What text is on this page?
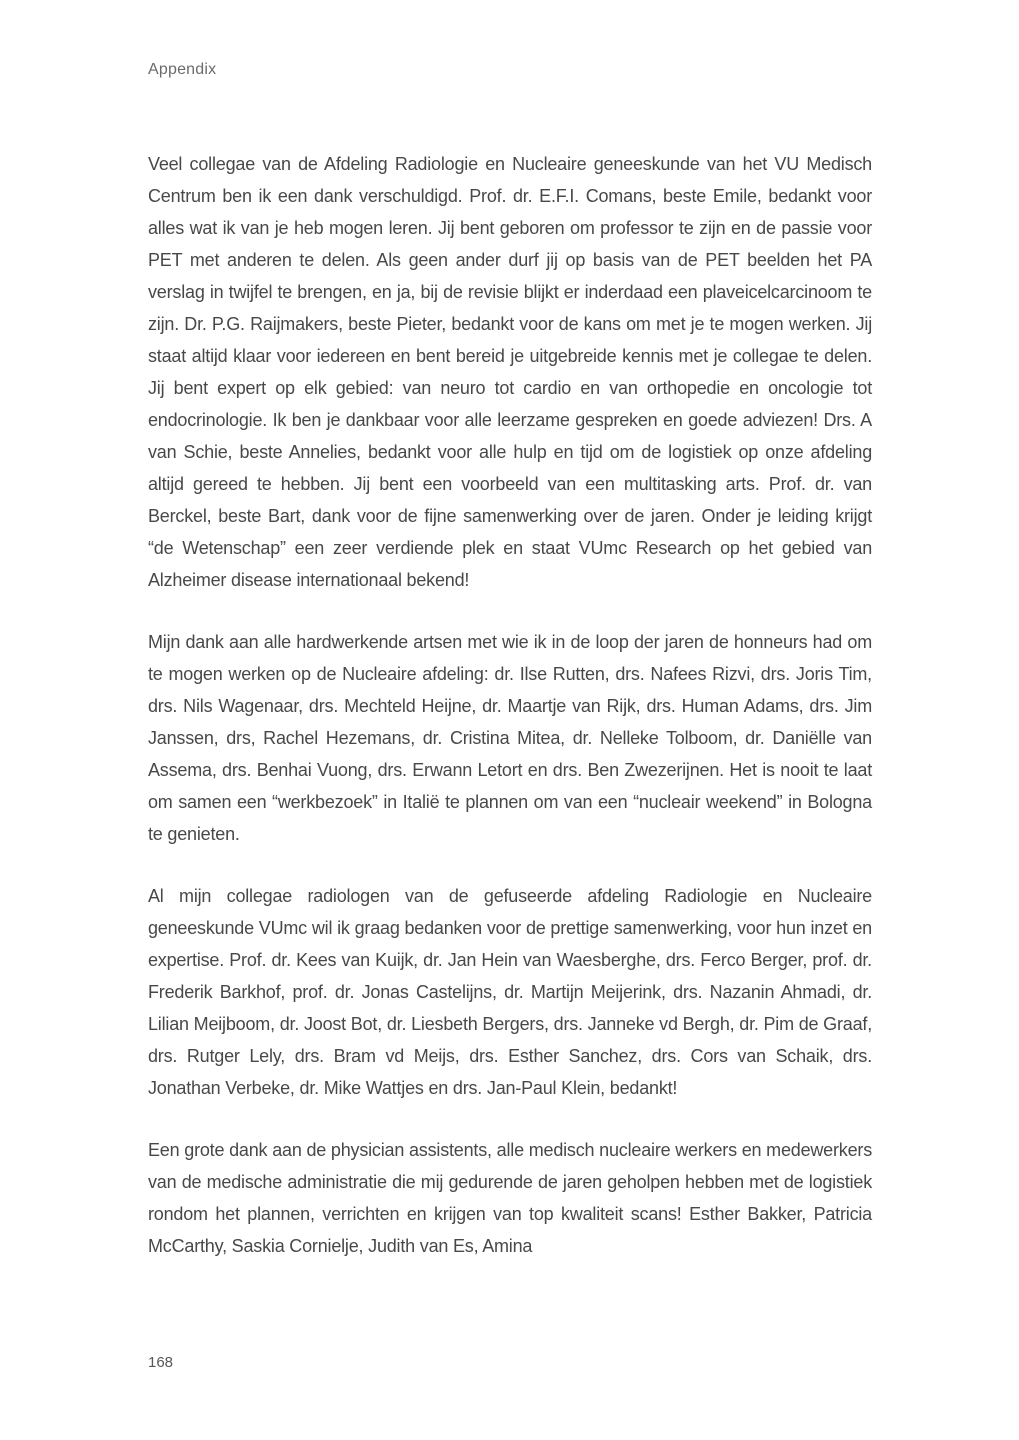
Appendix

Veel collegae van de Afdeling Radiologie en Nucleaire geneeskunde van het VU Medisch Centrum ben ik een dank verschuldigd. Prof. dr. E.F.I. Comans, beste Emile, bedankt voor alles wat ik van je heb mogen leren. Jij bent geboren om professor te zijn en de passie voor PET met anderen te delen. Als geen ander durf jij op basis van de PET beelden het PA verslag in twijfel te brengen, en ja, bij de revisie blijkt er inderdaad een plaveicelcarcinoom te zijn. Dr. P.G. Raijmakers, beste Pieter, bedankt voor de kans om met je te mogen werken. Jij staat altijd klaar voor iedereen en bent bereid je uitgebreide kennis met je collegae te delen. Jij bent expert op elk gebied: van neuro tot cardio en van orthopedie en oncologie tot endocrinologie. Ik ben je dankbaar voor alle leerzame gespreken en goede adviezen! Drs. A van Schie, beste Annelies, bedankt voor alle hulp en tijd om de logistiek op onze afdeling altijd gereed te hebben. Jij bent een voorbeeld van een multitasking arts. Prof. dr. van Berckel, beste Bart, dank voor de fijne samenwerking over de jaren. Onder je leiding krijgt “de Wetenschap” een zeer verdiende plek en staat VUmc Research op het gebied van Alzheimer disease internationaal bekend!

Mijn dank aan alle hardwerkende artsen met wie ik in de loop der jaren de honneurs had om te mogen werken op de Nucleaire afdeling: dr. Ilse Rutten, drs. Nafees Rizvi, drs. Joris Tim, drs. Nils Wagenaar, drs. Mechteld Heijne, dr. Maartje van Rijk, drs. Human Adams, drs. Jim Janssen, drs, Rachel Hezemans, dr. Cristina Mitea, dr. Nelleke Tolboom, dr. Daniëlle van Assema, drs. Benhai Vuong, drs. Erwann Letort en drs. Ben Zwezerijnen. Het is nooit te laat om samen een “werkbezoek” in Italië te plannen om van een “nucleair weekend” in Bologna te genieten.

Al mijn collegae radiologen van de gefuseerde afdeling Radiologie en Nucleaire geneeskunde VUmc wil ik graag bedanken voor de prettige samenwerking, voor hun inzet en expertise. Prof. dr. Kees van Kuijk, dr. Jan Hein van Waesberghe, drs. Ferco Berger, prof. dr. Frederik Barkhof, prof. dr. Jonas Castelijns, dr. Martijn Meijerink, drs. Nazanin Ahmadi, dr. Lilian Meijboom, dr. Joost Bot, dr. Liesbeth Bergers, drs. Janneke vd Bergh, dr. Pim de Graaf, drs. Rutger Lely, drs. Bram vd Meijs, drs. Esther Sanchez, drs. Cors van Schaik, drs. Jonathan Verbeke, dr. Mike Wattjes en drs. Jan-Paul Klein, bedankt!

Een grote dank aan de physician assistents, alle medisch nucleaire werkers en medewerkers van de medische administratie die mij gedurende de jaren geholpen hebben met de logistiek rondom het plannen, verrichten en krijgen van top kwaliteit scans! Esther Bakker, Patricia McCarthy, Saskia Cornielje, Judith van Es, Amina

168
